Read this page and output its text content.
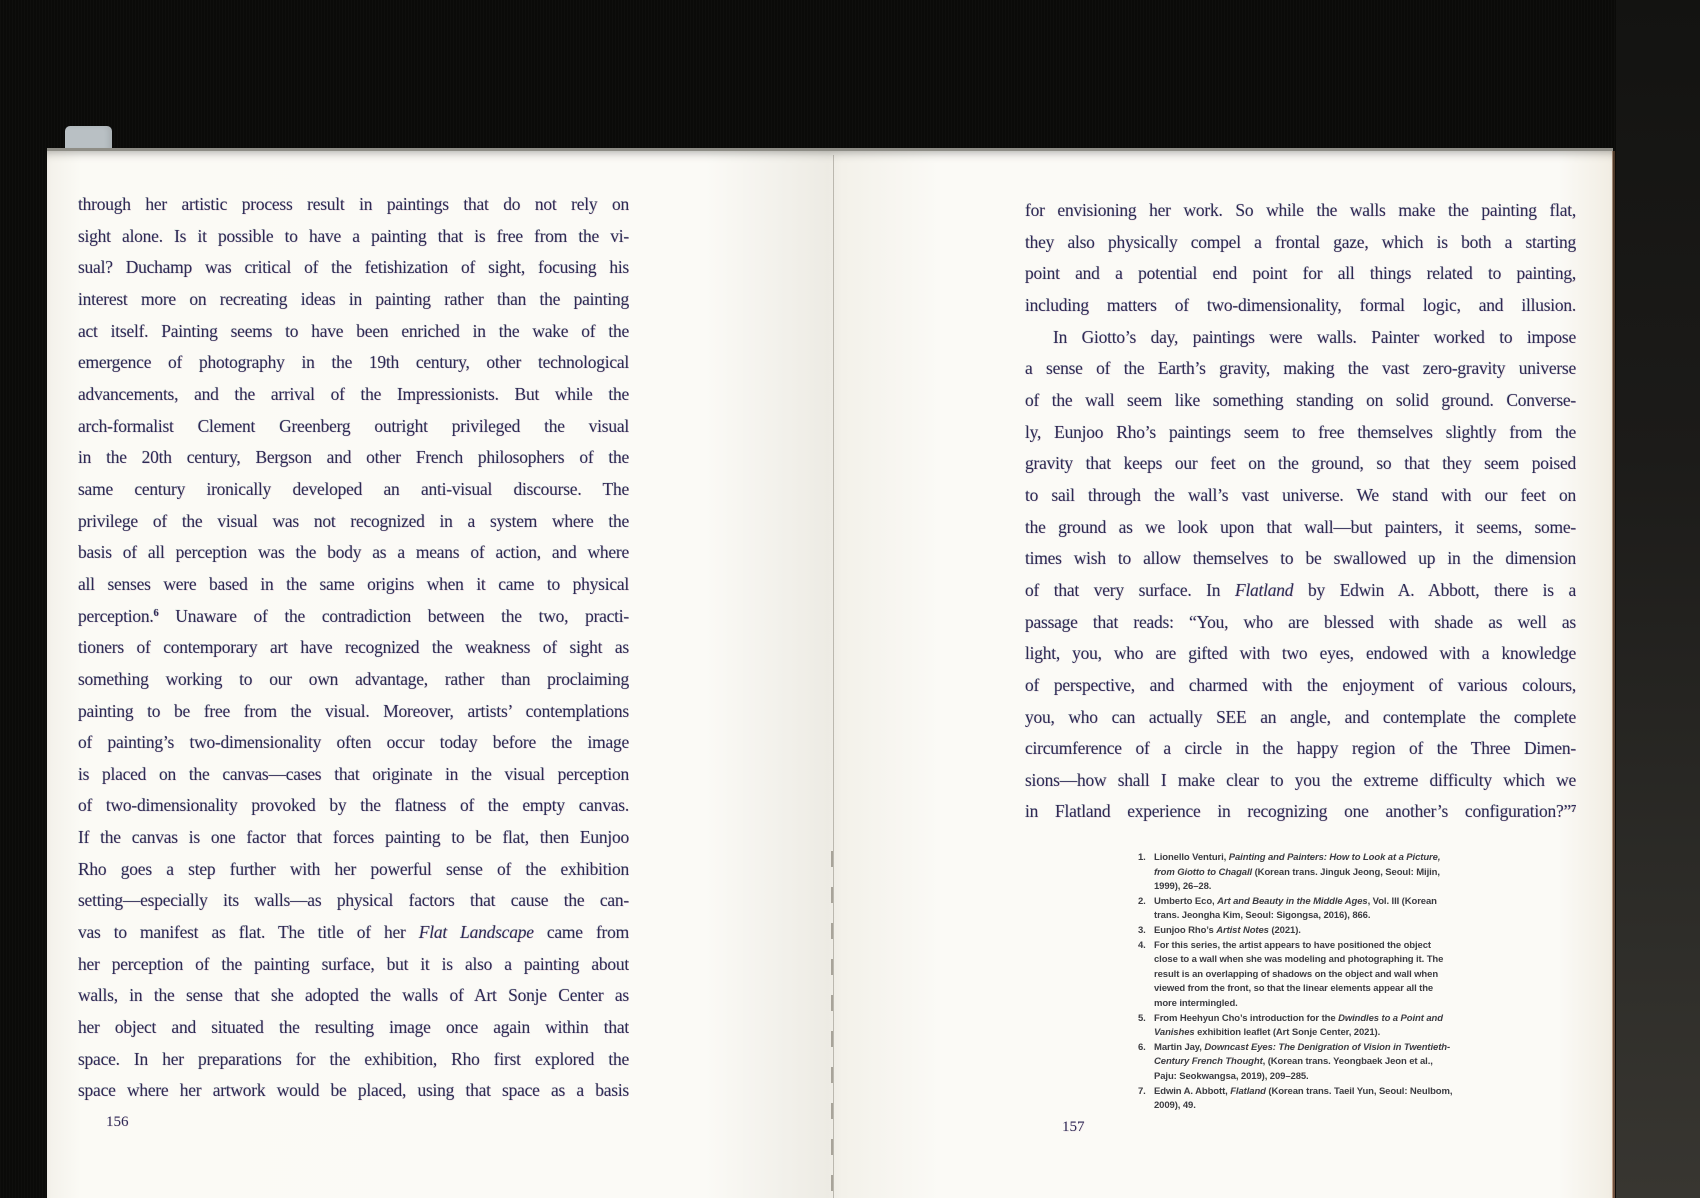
through her artistic process result in paintings that do not rely on
sight alone. Is it possible to have a painting that is free from the vi-
sual? Duchamp was critical of the fetishization of sight, focusing his
interest more on recreating ideas in painting rather than the painting
act itself. Painting seems to have been enriched in the wake of the
emergence of photography in the 19th century, other technological
advancements, and the arrival of the Impressionists. But while the
arch-formalist Clement Greenberg outright privileged the visual
in the 20th century, Bergson and other French philosophers of the
same century ironically developed an anti-visual discourse. The
privilege of the visual was not recognized in a system where the
basis of all perception was the body as a means of action, and where
all senses were based in the same origins when it came to physical
perception.$^6$ Unaware of the contradiction between the two, practi-
tioners of contemporary art have recognized the weakness of sight as
something working to our own advantage, rather than proclaiming
painting to be free from the visual. Moreover, artists’ contemplations
of painting’s two-dimensionality often occur today before the image
is placed on the canvas—cases that originate in the visual perception
of two-dimensionality provoked by the flatness of the empty canvas.
If the canvas is one factor that forces painting to be flat, then Eunjoo
Rho goes a step further with her powerful sense of the exhibition
setting—especially its walls—as physical factors that cause the can-
vas to manifest as flat. The title of her Flat Landscape came from
her perception of the painting surface, but it is also a painting about
walls, in the sense that she adopted the walls of Art Sonje Center as
her object and situated the resulting image once again within that
space. In her preparations for the exhibition, Rho first explored the
space where her artwork would be placed, using that space as a basis
for envisioning her work. So while the walls make the painting flat,
they also physically compel a frontal gaze, which is both a starting
point and a potential end point for all things related to painting,
including matters of two-dimensionality, formal logic, and illusion.
In Giotto’s day, paintings were walls. Painter worked to impose
a sense of the Earth’s gravity, making the vast zero-gravity universe
of the wall seem like something standing on solid ground. Converse-
ly, Eunjoo Rho’s paintings seem to free themselves slightly from the
gravity that keeps our feet on the ground, so that they seem poised
to sail through the wall’s vast universe. We stand with our feet on
the ground as we look upon that wall—but painters, it seems, some-
times wish to allow themselves to be swallowed up in the dimension
of that very surface. In Flatland by Edwin A. Abbott, there is a
passage that reads: “You, who are blessed with shade as well as
light, you, who are gifted with two eyes, endowed with a knowledge
of perspective, and charmed with the enjoyment of various colours,
you, who can actually SEE an angle, and contemplate the complete
circumference of a circle in the happy region of the Three Dimen-
sions—how shall I make clear to you the extreme difficulty which we
in Flatland experience in recognizing one another’s configuration?”$^7$
1. Lionello Venturi, Painting and Painters: How to Look at a Picture,
from Giotto to Chagall (Korean trans. Jinguk Jeong, Seoul: Mijin,
1999), 26–28.
2. Umberto Eco, Art and Beauty in the Middle Ages, Vol. III (Korean
trans. Jeongha Kim, Seoul: Sigongsa, 2016), 866.
3. Eunjoo Rho’s Artist Notes (2021).
4. For this series, the artist appears to have positioned the object
close to a wall when she was modeling and photographing it. The
result is an overlapping of shadows on the object and wall when
viewed from the front, so that the linear elements appear all the
more intermingled.
5. From Heehyun Cho’s introduction for the Dwindles to a Point and
Vanishes exhibition leaflet (Art Sonje Center, 2021).
6. Martin Jay, Downcast Eyes: The Denigration of Vision in Twentieth-
Century French Thought, (Korean trans. Yeongbaek Jeon et al.,
Paju: Seokwangsa, 2019), 209–285.
7. Edwin A. Abbott, Flatland (Korean trans. Taeil Yun, Seoul: Neulbom,
2009), 49.
156	157
